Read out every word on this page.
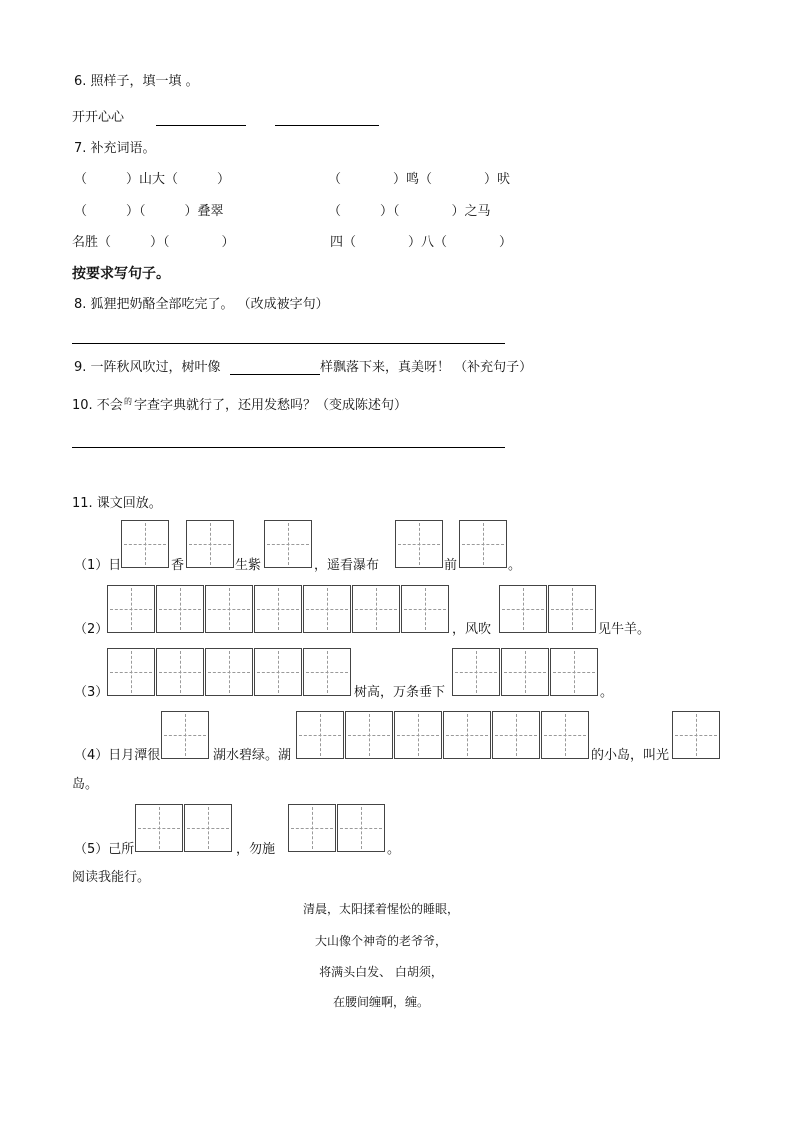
6. 照样子，填一填 。
开开心心
7. 补充词语。
（　　　）山大（　　　）	（　　　　）鸣（　　　　）吠
（　　　）（　　　）叠翠	（　　　）（　　　　）之马
名胜（　　　）（　　　　）	四（　　　　）八（　　　　）
按要求写句子。
8. 狐狸把奶酪全部吃完了。 （改成被字句）
9. 一阵秋风吹过，树叶像	样飘落下来，真美呀！ （补充句子）
10. 不会 的 字查字典就行了，还用发愁吗？（变成陈述句）
11. 课文回放。
（1）日	香	生紫	，遥看瀑布	前	。
（2）	，风吹	见牛羊。
（3）	树高，万条垂下	。
（4）日月潭很	湖水碧绿。湖	的小岛，叫光
岛。
（5）己所	，勿施	。
阅读我能行。
清晨，太阳揉着惺忪的睡眼，
大山像个神奇的老爷爷，
将满头白发、 白胡须，
在腰间缠啊，缠。
